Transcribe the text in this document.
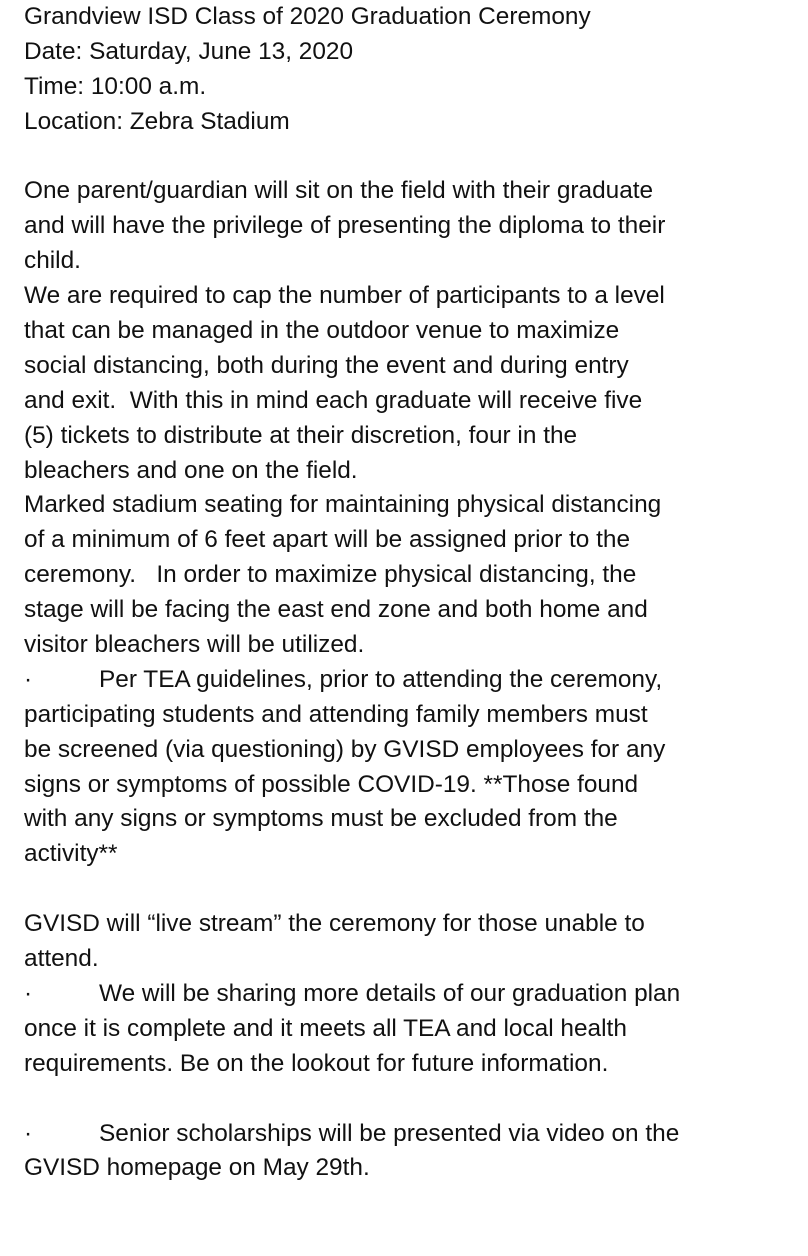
Grandview ISD Class of 2020 Graduation Ceremony
Date: Saturday, June 13, 2020
Time: 10:00 a.m.
Location: Zebra Stadium
One parent/guardian will sit on the field with their graduate
and will have the privilege of presenting the diploma to their
child.
We are required to cap the number of participants to a level
that can be managed in the outdoor venue to maximize
social distancing, both during the event and during entry
and exit.  With this in mind each graduate will receive five
(5) tickets to distribute at their discretion, four in the
bleachers and one on the field.
Marked stadium seating for maintaining physical distancing
of a minimum of 6 feet apart will be assigned prior to the
ceremony.   In order to maximize physical distancing, the
stage will be facing the east end zone and both home and
visitor bleachers will be utilized.

·

	Per TEA guidelines, prior to attending the ceremony,

participating students and attending family members must
be screened (via questioning) by GVISD employees for any
signs or symptoms of possible COVID-19. **Those found
with any signs or symptoms must be excluded from the
activity**
GVISD will “live stream” the ceremony for those unable to
attend.

·

	We will be sharing more details of our graduation plan

once it is complete and it meets all TEA and local health
requirements. Be on the lookout for future information.

·

	Senior scholarships will be presented via video on the

GVISD homepage on May 29th.
